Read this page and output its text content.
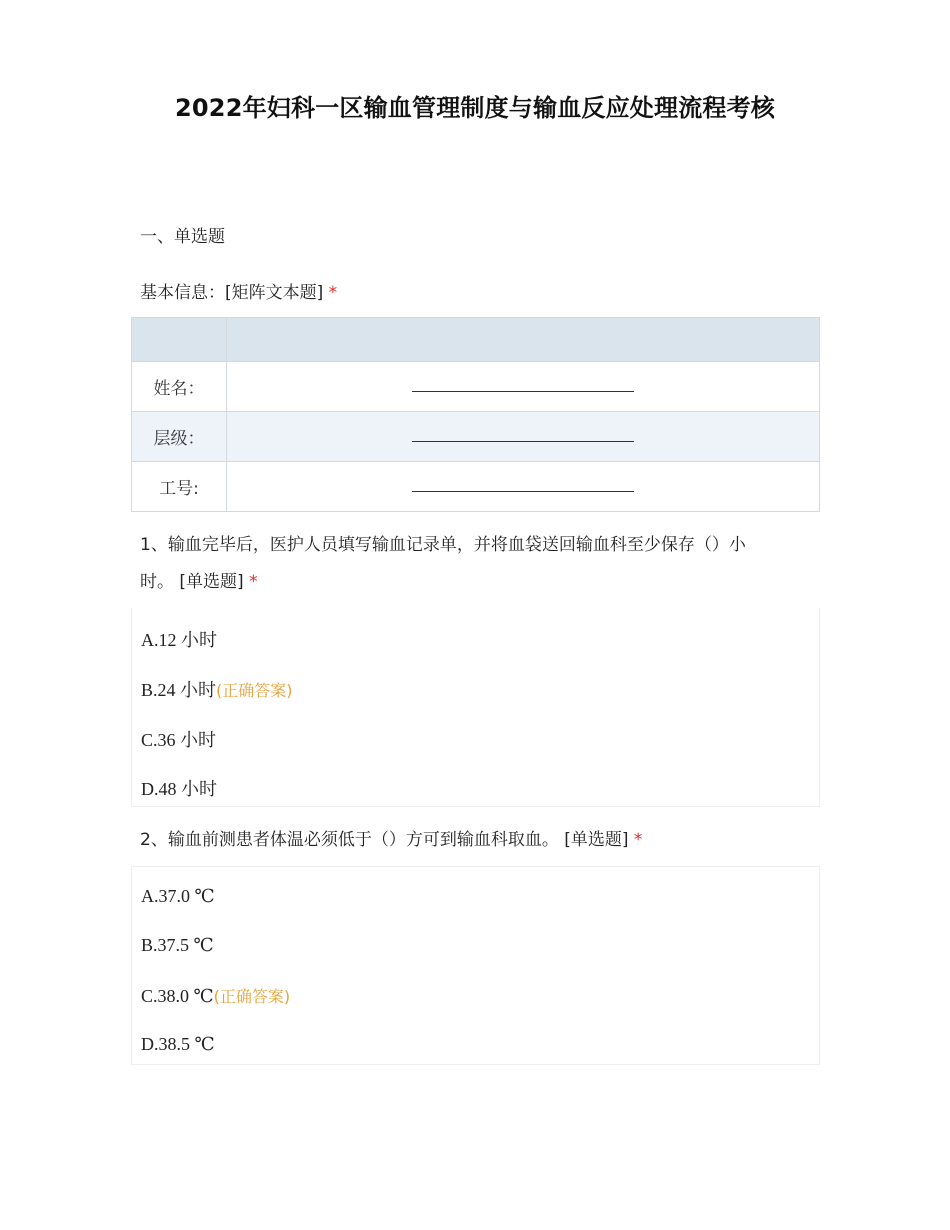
2022年妇科一区输血管理制度与输血反应处理流程考核
一、单选题
基本信息：[矩阵文本题] *

姓名：	
层级：	
工号:	
1、输血完毕后，医护人员填写输血记录单，并将血袋送回输血科至少保存（）小
时。 [单选题] *
A.12 小时
B.24 小时(正确答案)
C.36 小时
D.48 小时
2、输血前测患者体温必须低于（）方可到输血科取血。 [单选题] *
A.37.0 ℃
B.37.5 ℃
C.38.0 ℃(正确答案)
D.38.5 ℃
